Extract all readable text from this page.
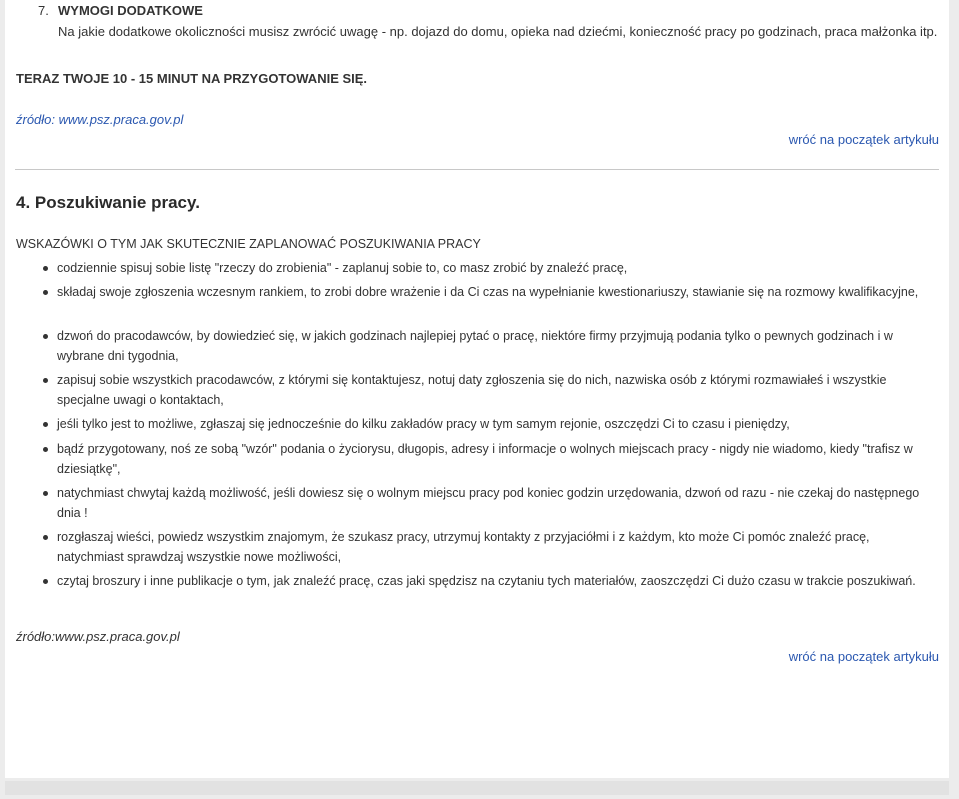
7. WYMOGI DODATKOWE
Na jakie dodatkowe okoliczności musisz zwrócić uwagę - np. dojazd do domu, opieka nad dziećmi, konieczność pracy po godzinach, praca małżonka itp.
TERAZ TWOJE 10 - 15 MINUT NA PRZYGOTOWANIE SIĘ.
źródło: www.psz.praca.gov.pl
wróć na początek artykułu
4. Poszukiwanie pracy.
WSKAZÓWKI O TYM JAK SKUTECZNIE ZAPLANOWAĆ POSZUKIWANIA PRACY
codziennie spisuj sobie listę "rzeczy do zrobienia" - zaplanuj sobie to, co masz zrobić by znaleźć pracę,
składaj swoje zgłoszenia wczesnym rankiem, to zrobi dobre wrażenie i da Ci czas na wypełnianie kwestionariuszy, stawianie się na rozmowy kwalifikacyjne,
dzwoń do pracodawców, by dowiedzieć się, w jakich godzinach najlepiej pytać o pracę, niektóre firmy przyjmują podania tylko o pewnych godzinach i w wybrane dni tygodnia,
zapisuj sobie wszystkich pracodawców, z którymi się kontaktujesz, notuj daty zgłoszenia się do nich, nazwiska osób z którymi rozmawiałeś i wszystkie specjalne uwagi o kontaktach,
jeśli tylko jest to możliwe, zgłaszaj się jednocześnie do kilku zakładów pracy w tym samym rejonie, oszczędzi Ci to czasu i pieniędzy,
bądź przygotowany, noś ze sobą "wzór" podania o życiorysu, długopis, adresy i informacje o wolnych miejscach pracy - nigdy nie wiadomo, kiedy "trafisz w dziesiątkę",
natychmiast chwytaj każdą możliwość, jeśli dowiesz się o wolnym miejscu pracy pod koniec godzin urzędowania, dzwoń od razu - nie czekaj do następnego dnia !
rozgłaszaj wieści, powiedz wszystkim znajomym, że szukasz pracy, utrzymuj kontakty z przyjaciółmi i z każdym, kto może Ci pomóc znaleźć pracę, natychmiast sprawdzaj wszystkie nowe możliwości,
czytaj broszury i inne publikacje o tym, jak znaleźć pracę, czas jaki spędzisz na czytaniu tych materiałów, zaoszczędzi Ci dużo czasu w trakcie poszukiwań.
źródło:www.psz.praca.gov.pl
wróć na początek artykułu
